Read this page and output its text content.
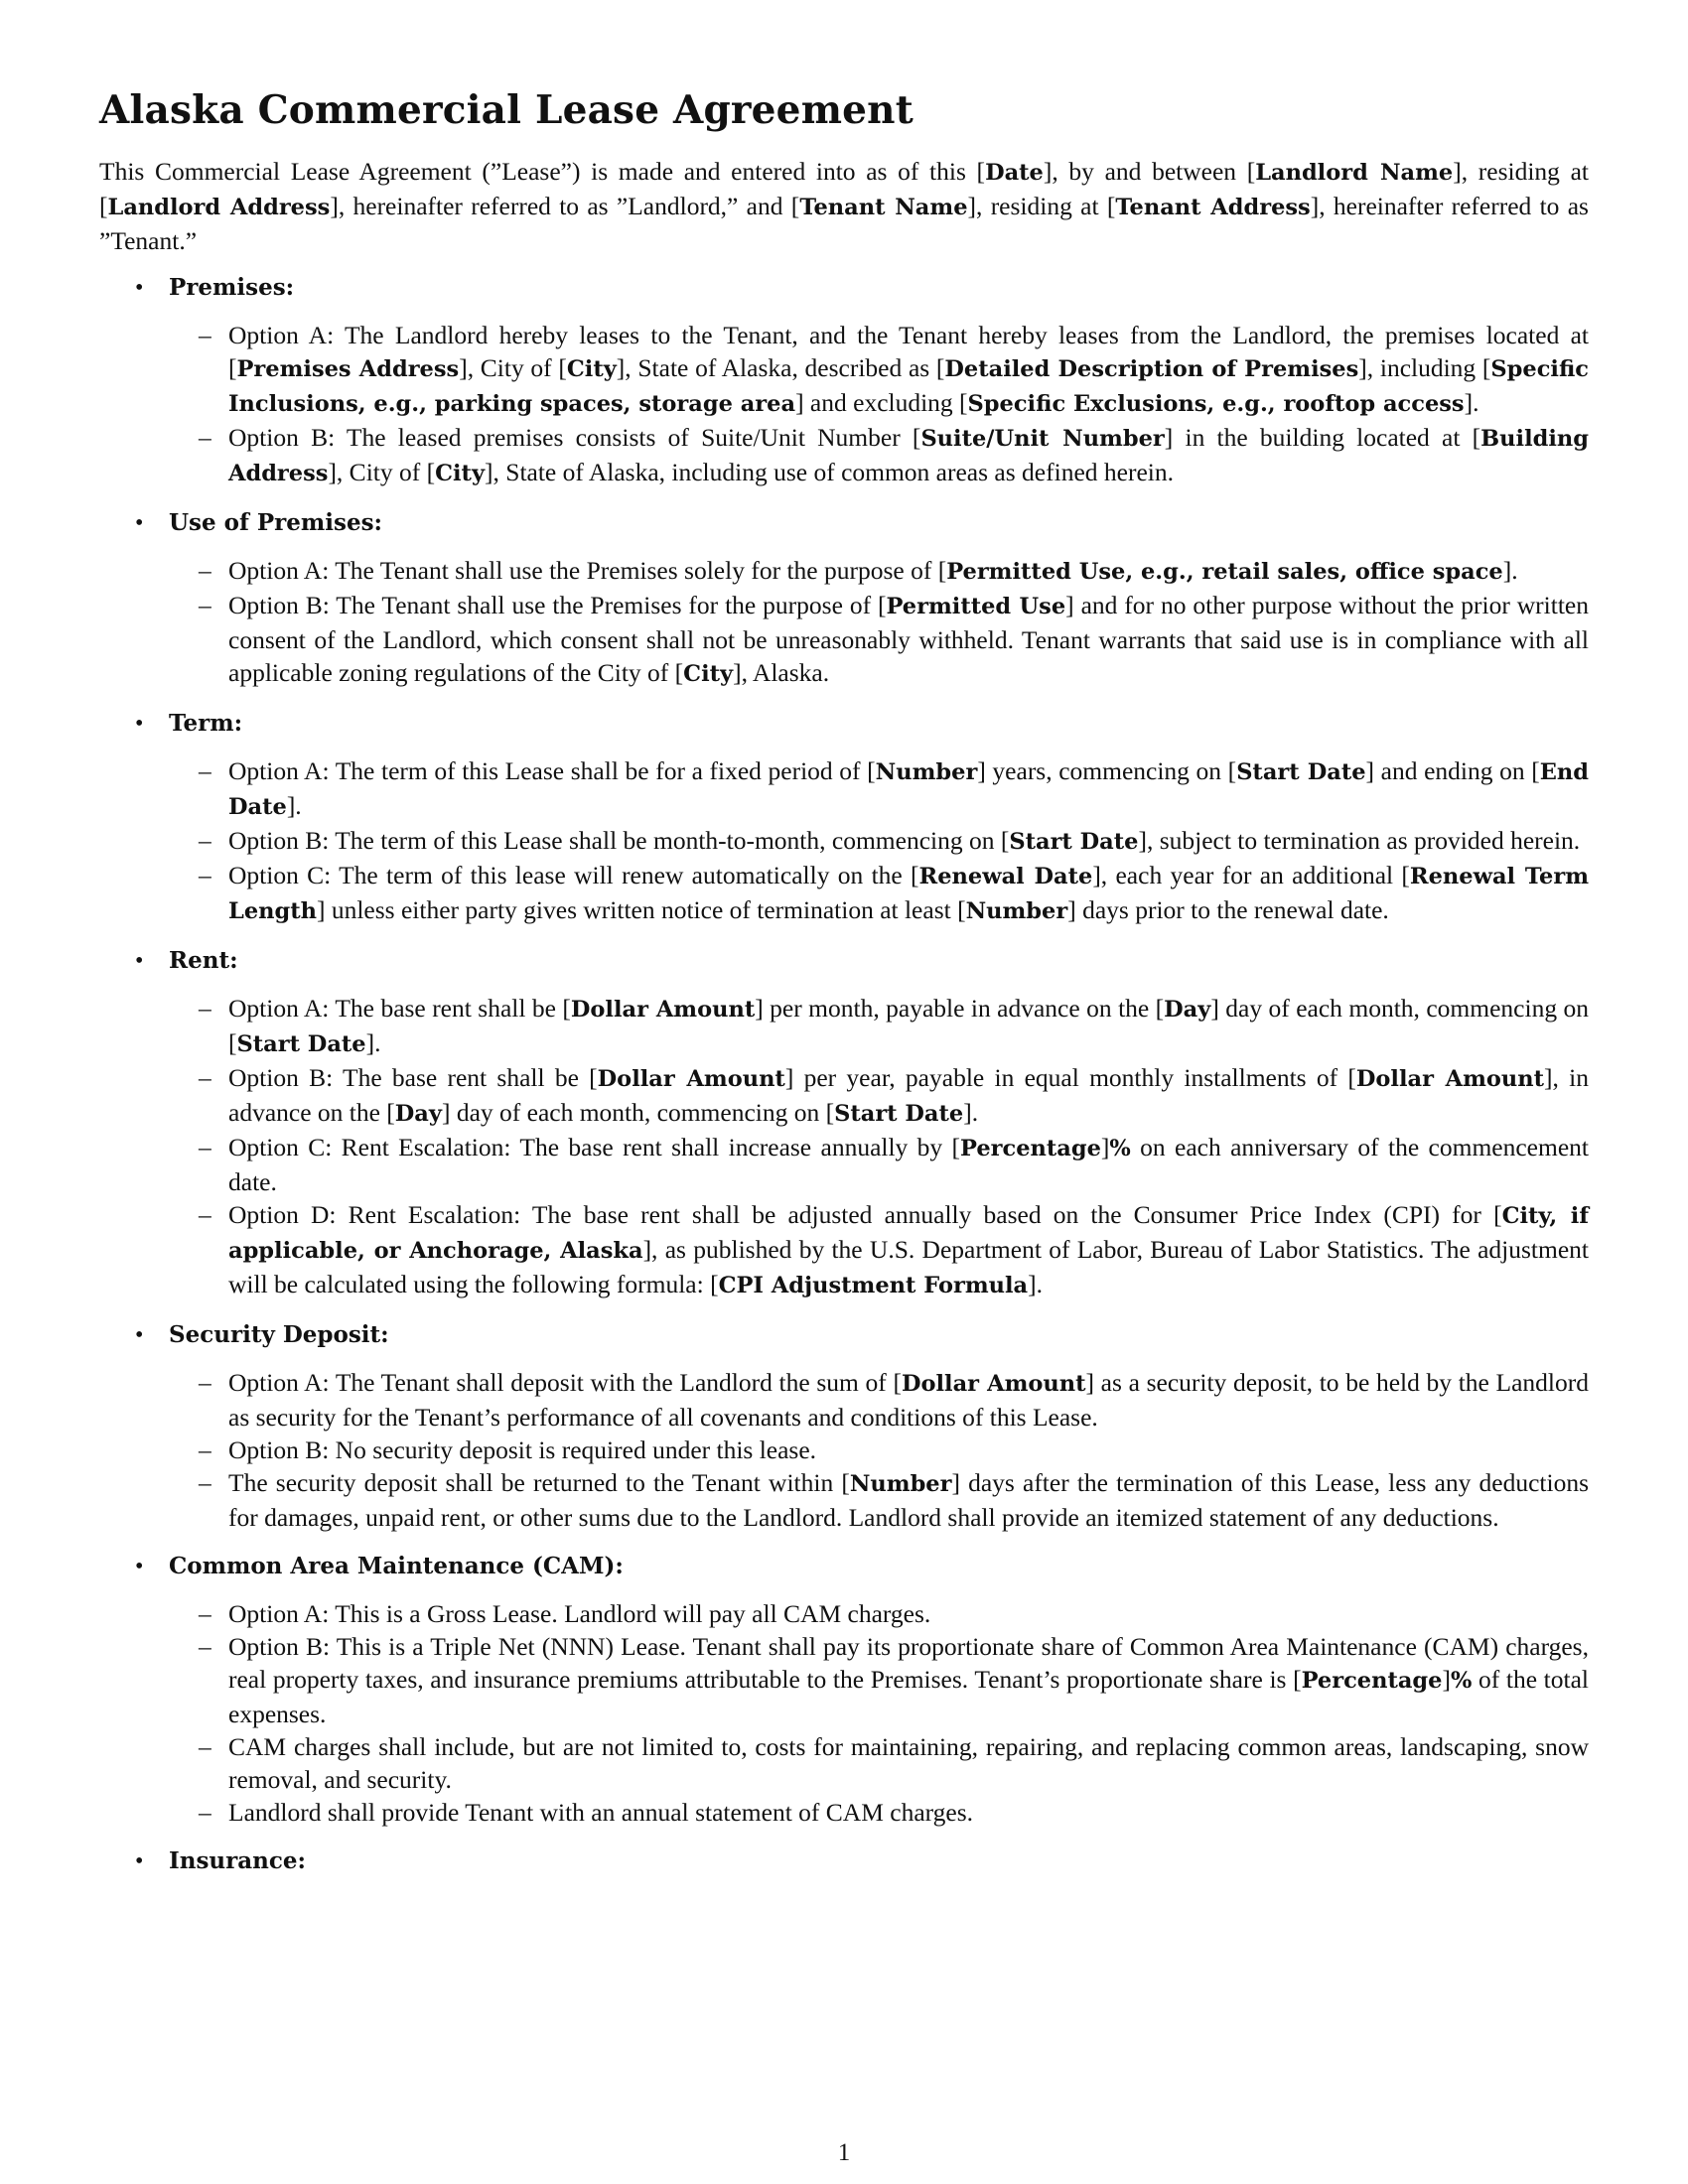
Alaska Commercial Lease Agreement

This Commercial Lease Agreement (”Lease”) is made and entered into as of this [Date], by and between [Landlord Name], residing at [Landlord Address], hereinafter referred to as ”Landlord,” and [Tenant Name], residing at [Tenant Address], hereinafter referred to as ”Tenant.”

• Premises:
– Option A: The Landlord hereby leases to the Tenant, and the Tenant hereby leases from the Landlord, the premises located at [Premises Address], City of [City], State of Alaska, described as [Detailed Description of Premises], including [Specific Inclusions, e.g., parking spaces, storage area] and excluding [Specific Exclusions, e.g., rooftop access].
– Option B: The leased premises consists of Suite/Unit Number [Suite/Unit Number] in the building located at [Building Address], City of [City], State of Alaska, including use of common areas as defined herein.
• Use of Premises:
– Option A: The Tenant shall use the Premises solely for the purpose of [Permitted Use, e.g., retail sales, office space].
– Option B: The Tenant shall use the Premises for the purpose of [Permitted Use] and for no other purpose without the prior written consent of the Landlord, which consent shall not be unreasonably withheld. Tenant warrants that said use is in compliance with all applicable zoning regulations of the City of [City], Alaska.
• Term:
– Option A: The term of this Lease shall be for a fixed period of [Number] years, commencing on [Start Date] and ending on [End Date].
– Option B: The term of this Lease shall be month-to-month, commencing on [Start Date], subject to termination as provided herein.
– Option C: The term of this lease will renew automatically on the [Renewal Date], each year for an additional [Renewal Term Length] unless either party gives written notice of termination at least [Number] days prior to the renewal date.
• Rent:
– Option A: The base rent shall be [Dollar Amount] per month, payable in advance on the [Day] day of each month, commencing on [Start Date].
– Option B: The base rent shall be [Dollar Amount] per year, payable in equal monthly installments of [Dollar Amount], in advance on the [Day] day of each month, commencing on [Start Date].
– Option C: Rent Escalation: The base rent shall increase annually by [Percentage]% on each anniversary of the commencement date.
– Option D: Rent Escalation: The base rent shall be adjusted annually based on the Consumer Price Index (CPI) for [City, if applicable, or Anchorage, Alaska], as published by the U.S. Department of Labor, Bureau of Labor Statistics. The adjustment will be calculated using the following formula: [CPI Adjustment Formula].
• Security Deposit:
– Option A: The Tenant shall deposit with the Landlord the sum of [Dollar Amount] as a security deposit, to be held by the Landlord as security for the Tenant’s performance of all covenants and conditions of this Lease.
– Option B: No security deposit is required under this lease.
– The security deposit shall be returned to the Tenant within [Number] days after the termination of this Lease, less any deductions for damages, unpaid rent, or other sums due to the Landlord. Landlord shall provide an itemized statement of any deductions.
• Common Area Maintenance (CAM):
– Option A: This is a Gross Lease. Landlord will pay all CAM charges.
– Option B: This is a Triple Net (NNN) Lease. Tenant shall pay its proportionate share of Common Area Maintenance (CAM) charges, real property taxes, and insurance premiums attributable to the Premises. Tenant’s proportionate share is [Percentage]% of the total expenses.
– CAM charges shall include, but are not limited to, costs for maintaining, repairing, and replacing common areas, landscaping, snow removal, and security.
– Landlord shall provide Tenant with an annual statement of CAM charges.
• Insurance:
1
